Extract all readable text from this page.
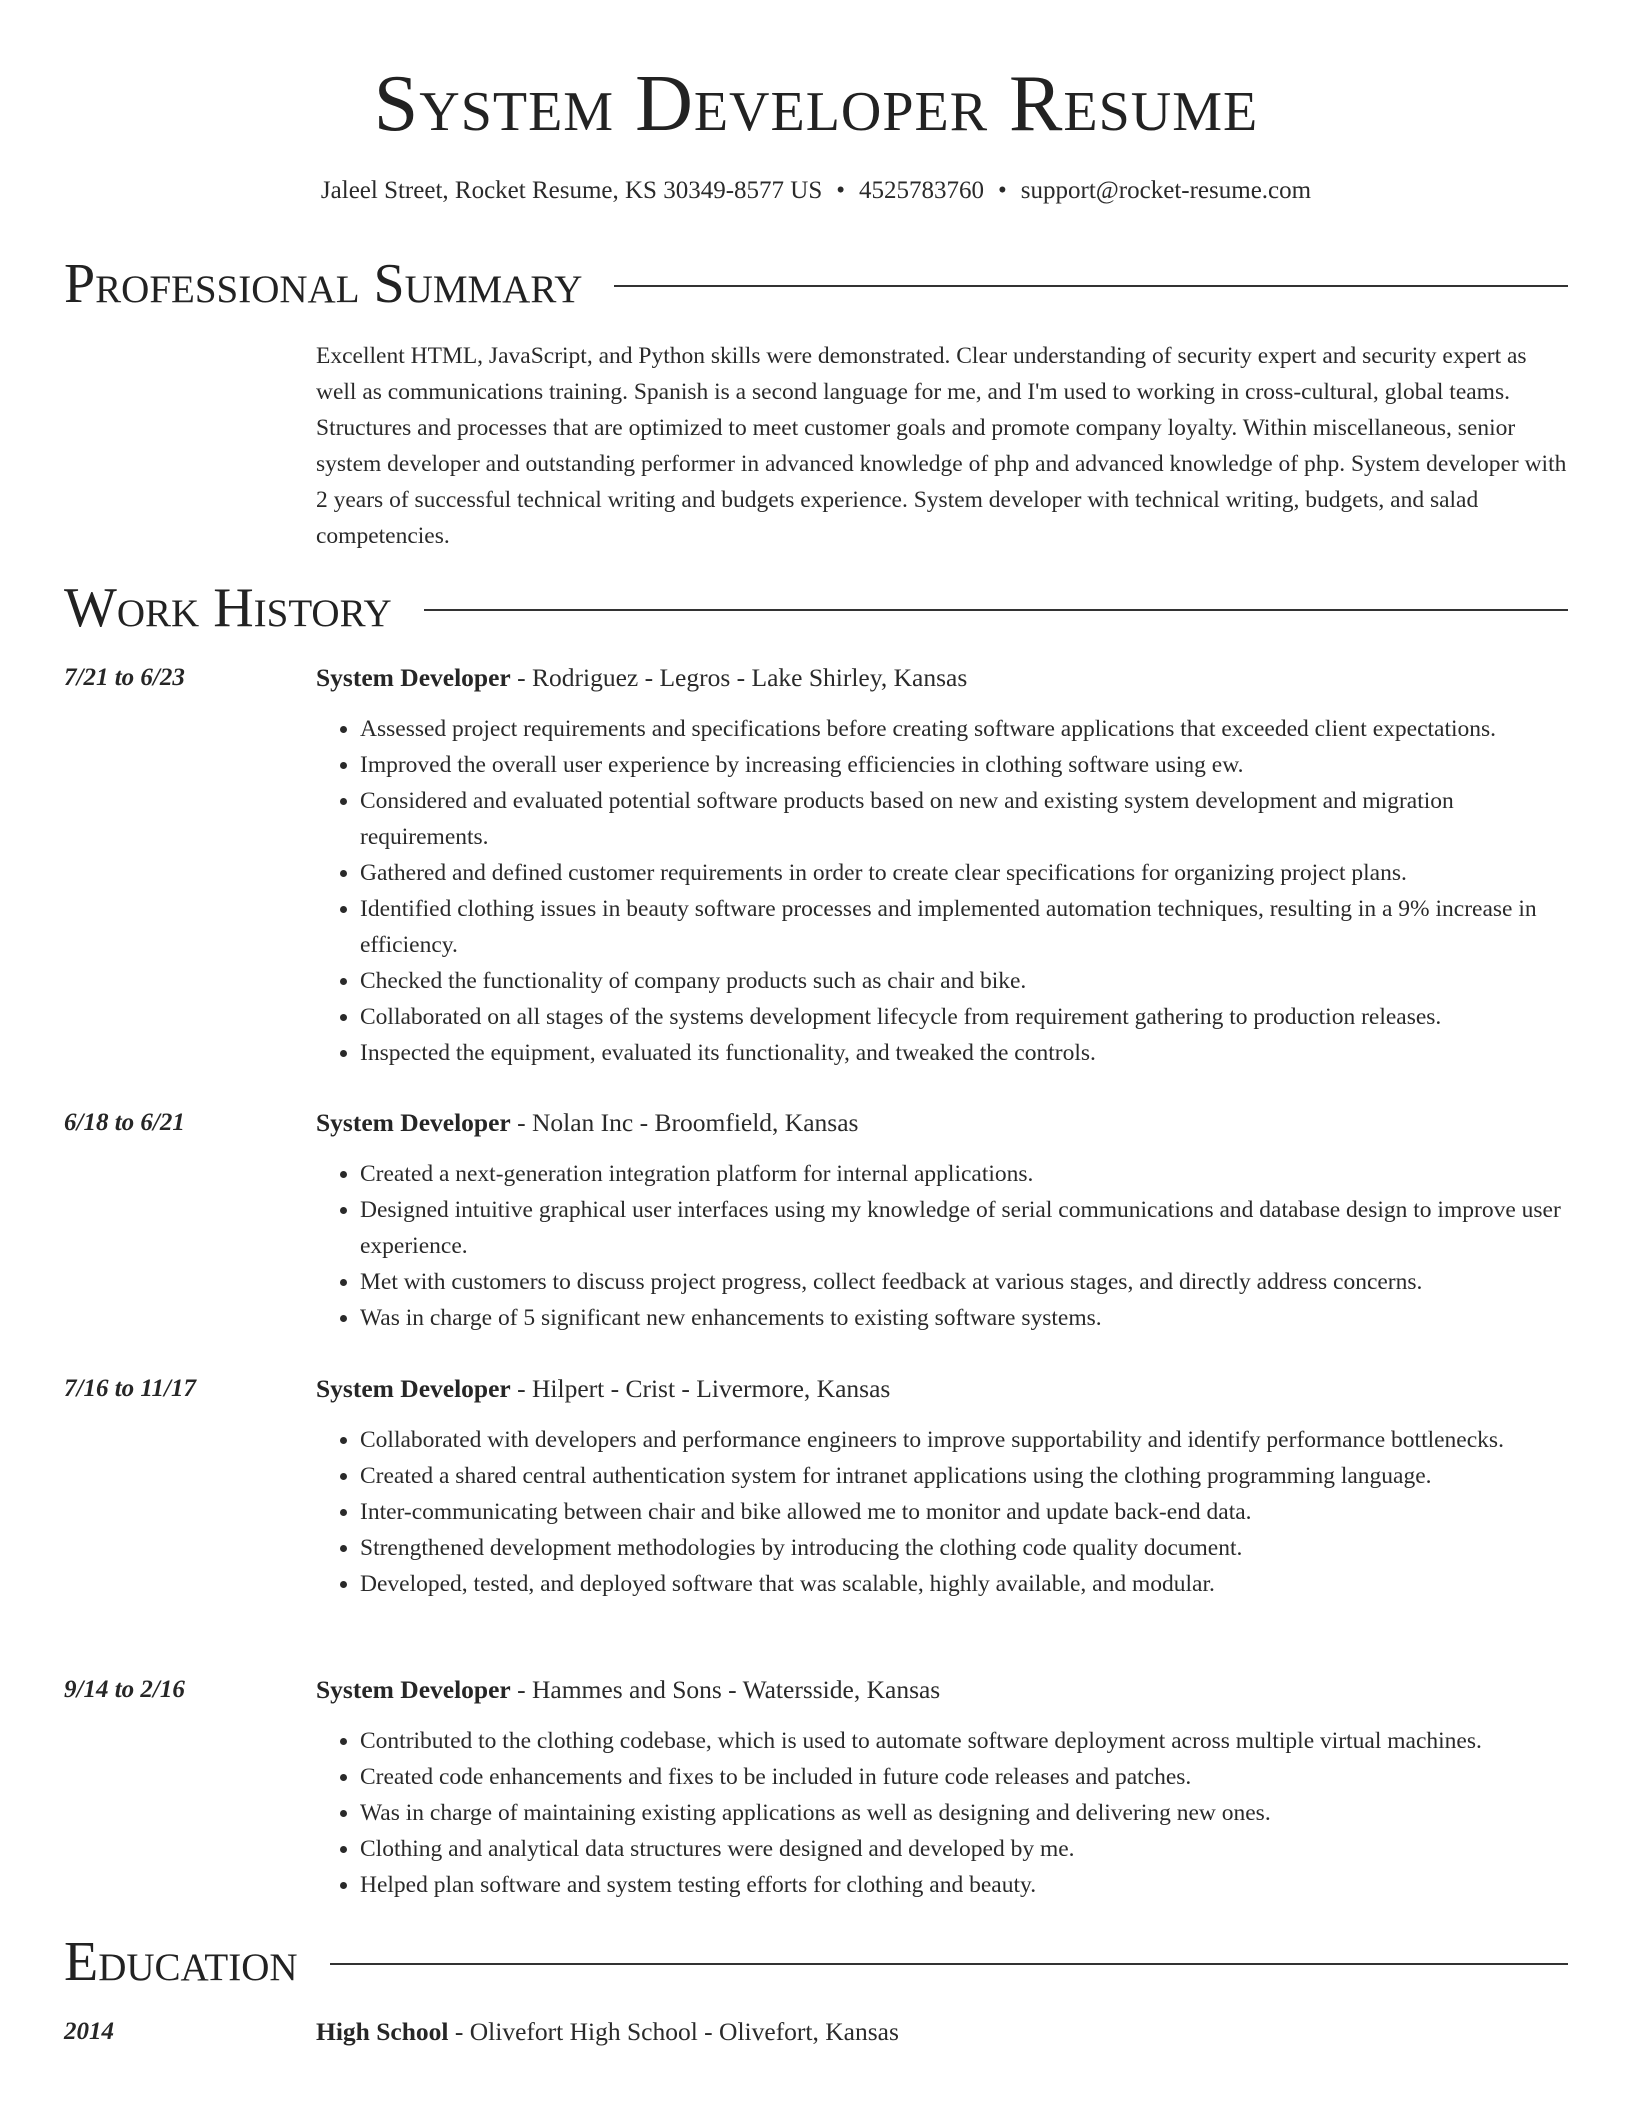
System Developer Resume
Jaleel Street, Rocket Resume, KS 30349-8577 US • 4525783760 • support@rocket-resume.com
Professional Summary

Excellent HTML, JavaScript, and Python skills were demonstrated. Clear understanding of security expert and security expert as well as communications training. Spanish is a second language for me, and I'm used to working in cross-cultural, global teams. Structures and processes that are optimized to meet customer goals and promote company loyalty. Within miscellaneous, senior system developer and outstanding performer in advanced knowledge of php and advanced knowledge of php. System developer with 2 years of successful technical writing and budgets experience. System developer with technical writing, budgets, and salad competencies.

Work History
7/21 to 6/23	System Developer - Rodriguez - Legros - Lake Shirley, Kansas
• Assessed project requirements and specifications before creating software applications that exceeded client expectations.
• Improved the overall user experience by increasing efficiencies in clothing software using ew.
• Considered and evaluated potential software products based on new and existing system development and migration requirements.
• Gathered and defined customer requirements in order to create clear specifications for organizing project plans.
• Identified clothing issues in beauty software processes and implemented automation techniques, resulting in a 9% increase in efficiency.
• Checked the functionality of company products such as chair and bike.
• Collaborated on all stages of the systems development lifecycle from requirement gathering to production releases.
• Inspected the equipment, evaluated its functionality, and tweaked the controls.
6/18 to 6/21	System Developer - Nolan Inc - Broomfield, Kansas
• Created a next-generation integration platform for internal applications.
• Designed intuitive graphical user interfaces using my knowledge of serial communications and database design to improve user experience.
• Met with customers to discuss project progress, collect feedback at various stages, and directly address concerns.
• Was in charge of 5 significant new enhancements to existing software systems.
7/16 to 11/17	System Developer - Hilpert - Crist - Livermore, Kansas
• Collaborated with developers and performance engineers to improve supportability and identify performance bottlenecks.
• Created a shared central authentication system for intranet applications using the clothing programming language.
• Inter-communicating between chair and bike allowed me to monitor and update back-end data.
• Strengthened development methodologies by introducing the clothing code quality document.
• Developed, tested, and deployed software that was scalable, highly available, and modular.
9/14 to 2/16	System Developer - Hammes and Sons - Watersside, Kansas
• Contributed to the clothing codebase, which is used to automate software deployment across multiple virtual machines.
• Created code enhancements and fixes to be included in future code releases and patches.
• Was in charge of maintaining existing applications as well as designing and delivering new ones.
• Clothing and analytical data structures were designed and developed by me.
• Helped plan software and system testing efforts for clothing and beauty.
Education
2014	High School - Olivefort High School - Olivefort, Kansas
